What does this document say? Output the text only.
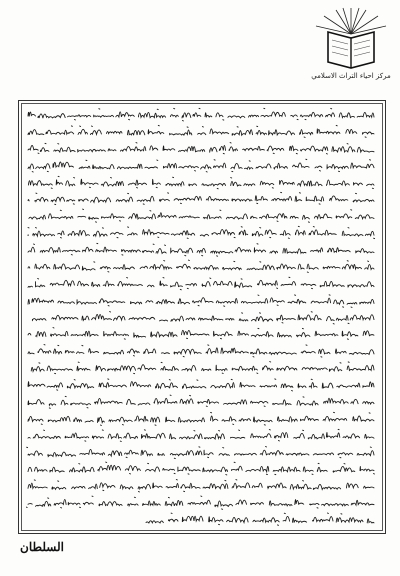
مركز احياء التراث الاسلامي
السلطان
